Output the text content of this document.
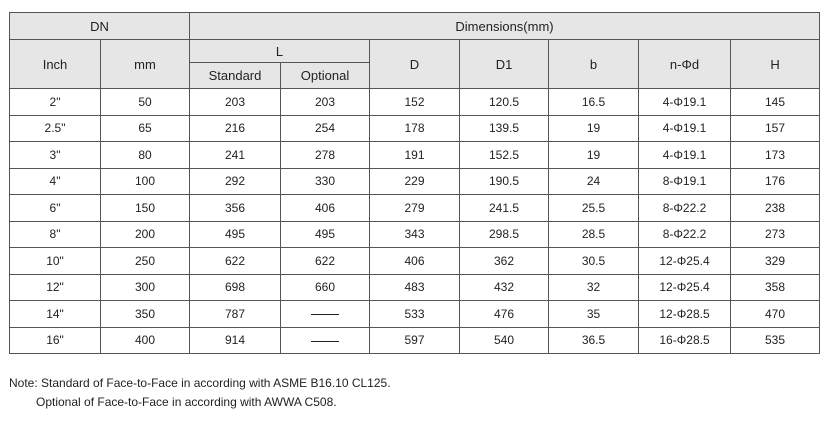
DN		Dimensions(mm)						
Inch	mm	L		D	D1	b	n-Φd	H
		Standard	Optional					
2"	50	203	203	152	120.5	16.5	4-Φ19.1	145
2.5"	65	216	254	178	139.5	19	4-Φ19.1	157
3"	80	241	278	191	152.5	19	4-Φ19.1	173
4"	100	292	330	229	190.5	24	8-Φ19.1	176
6"	150	356	406	279	241.5	25.5	8-Φ22.2	238
8"	200	495	495	343	298.5	28.5	8-Φ22.2	273
10"	250	622	622	406	362	30.5	12-Φ25.4	329
12"	300	698	660	483	432	32	12-Φ25.4	358
14"	350	787		533	476	35	12-Φ28.5	470
16"	400	914		597	540	36.5	16-Φ28.5	535
Note: Standard of Face-to-Face in according with ASME B16.10 CL125.
Optional of Face-to-Face in according with AWWA C508.
